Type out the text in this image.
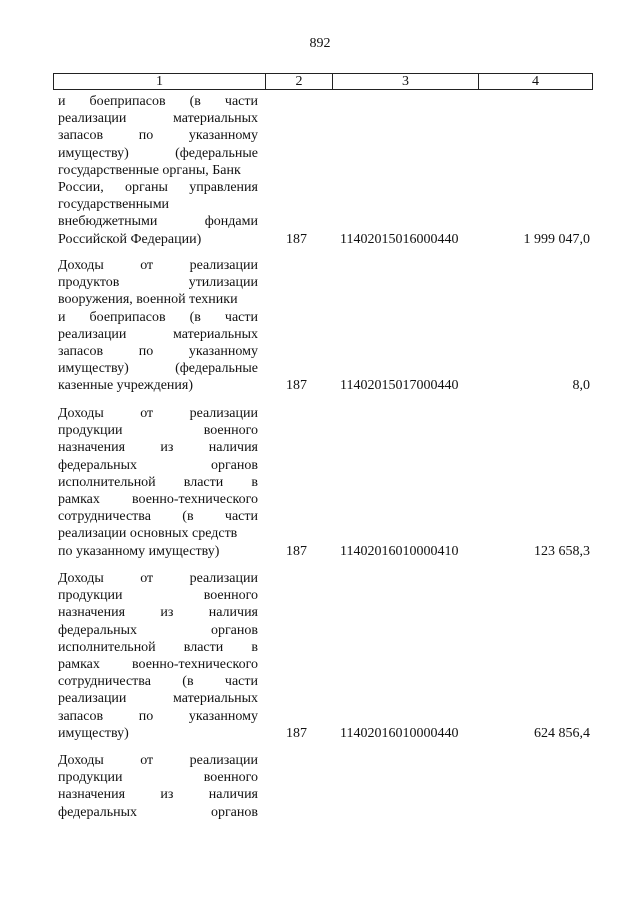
892
1	2	3	4
и боеприпасов (в части
реализации	материальных
запасов	по	указанному
имуществу)	(федеральные
государственные органы, Банк
России, органы управления
государственными
внебюджетными	фондами
Российской Федерации)	187 11402015016000440	1 999 047,0
Доходы	от	реализации
продуктов	утилизации
вооружения, военной техники
и боеприпасов (в части
реализации	материальных
запасов	по	указанному
имуществу)	(федеральные
казенные учреждения)	187 11402015017000440	8,0
Доходы	от	реализации
продукции	военного
назначения	из	наличия
федеральных	органов
исполнительной власти в
рамках военно-технического
сотрудничества (в части
реализации основных средств
по указанному имуществу)	187 11402016010000410	123 658,3
Доходы	от	реализации
продукции	военного
назначения	из	наличия
федеральных	органов
исполнительной власти в
рамках военно-технического
сотрудничества (в части
реализации	материальных
запасов	по	указанному
имуществу)	187 11402016010000440	624 856,4
Доходы	от	реализации
продукции	военного
назначения	из	наличия
федеральных	органов
